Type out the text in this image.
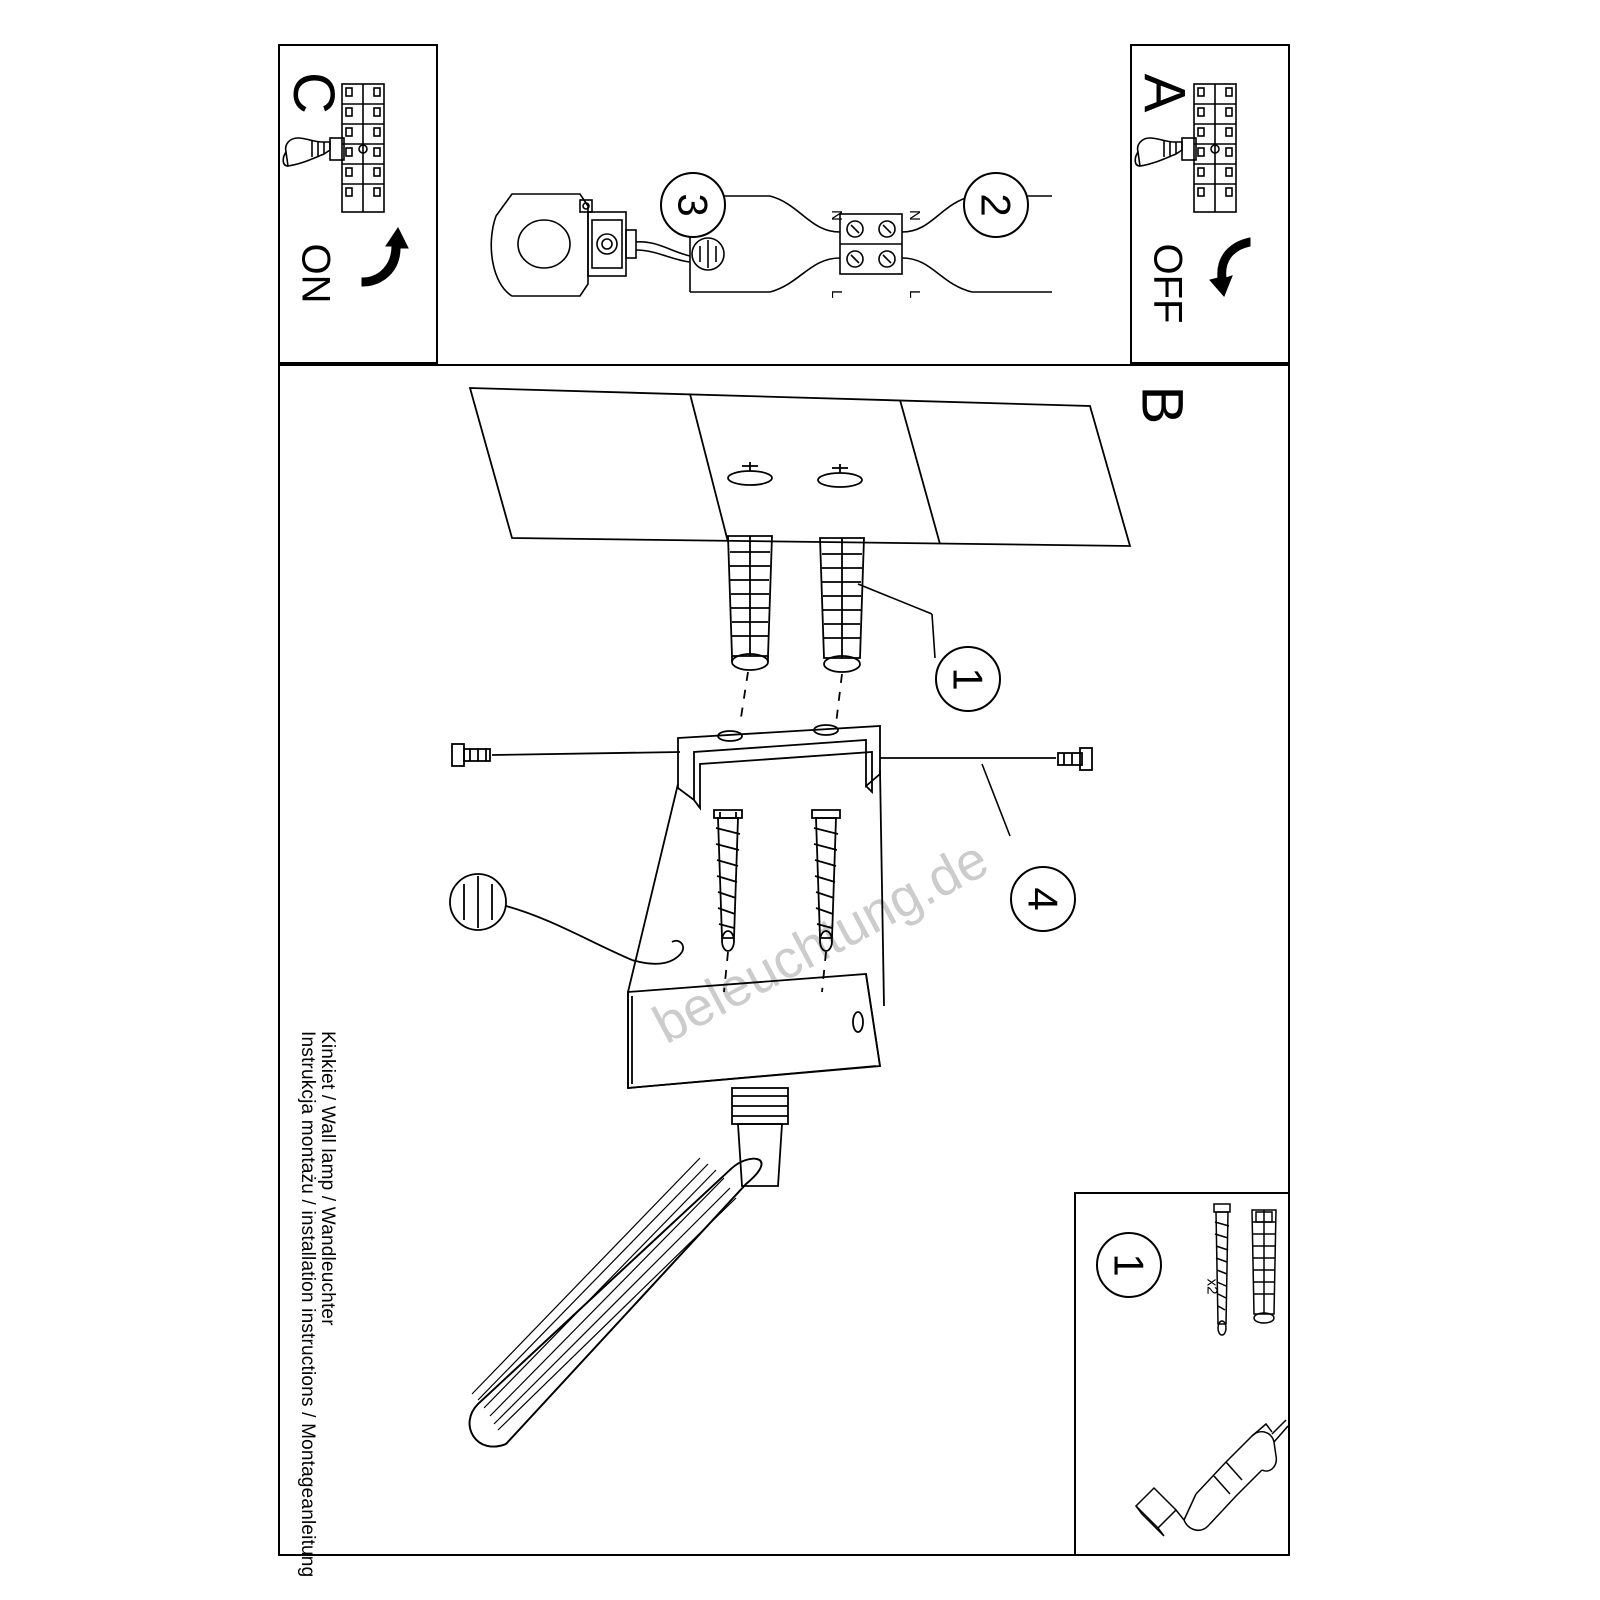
C
ON
A
OFF
N	N
L	L
3	2
B
Instrukcja montażu / installation instructions / Montageanleitung Kinkiet / Wall lamp / Wandleuchter
beleuchtung.de
1
4
1
x2
